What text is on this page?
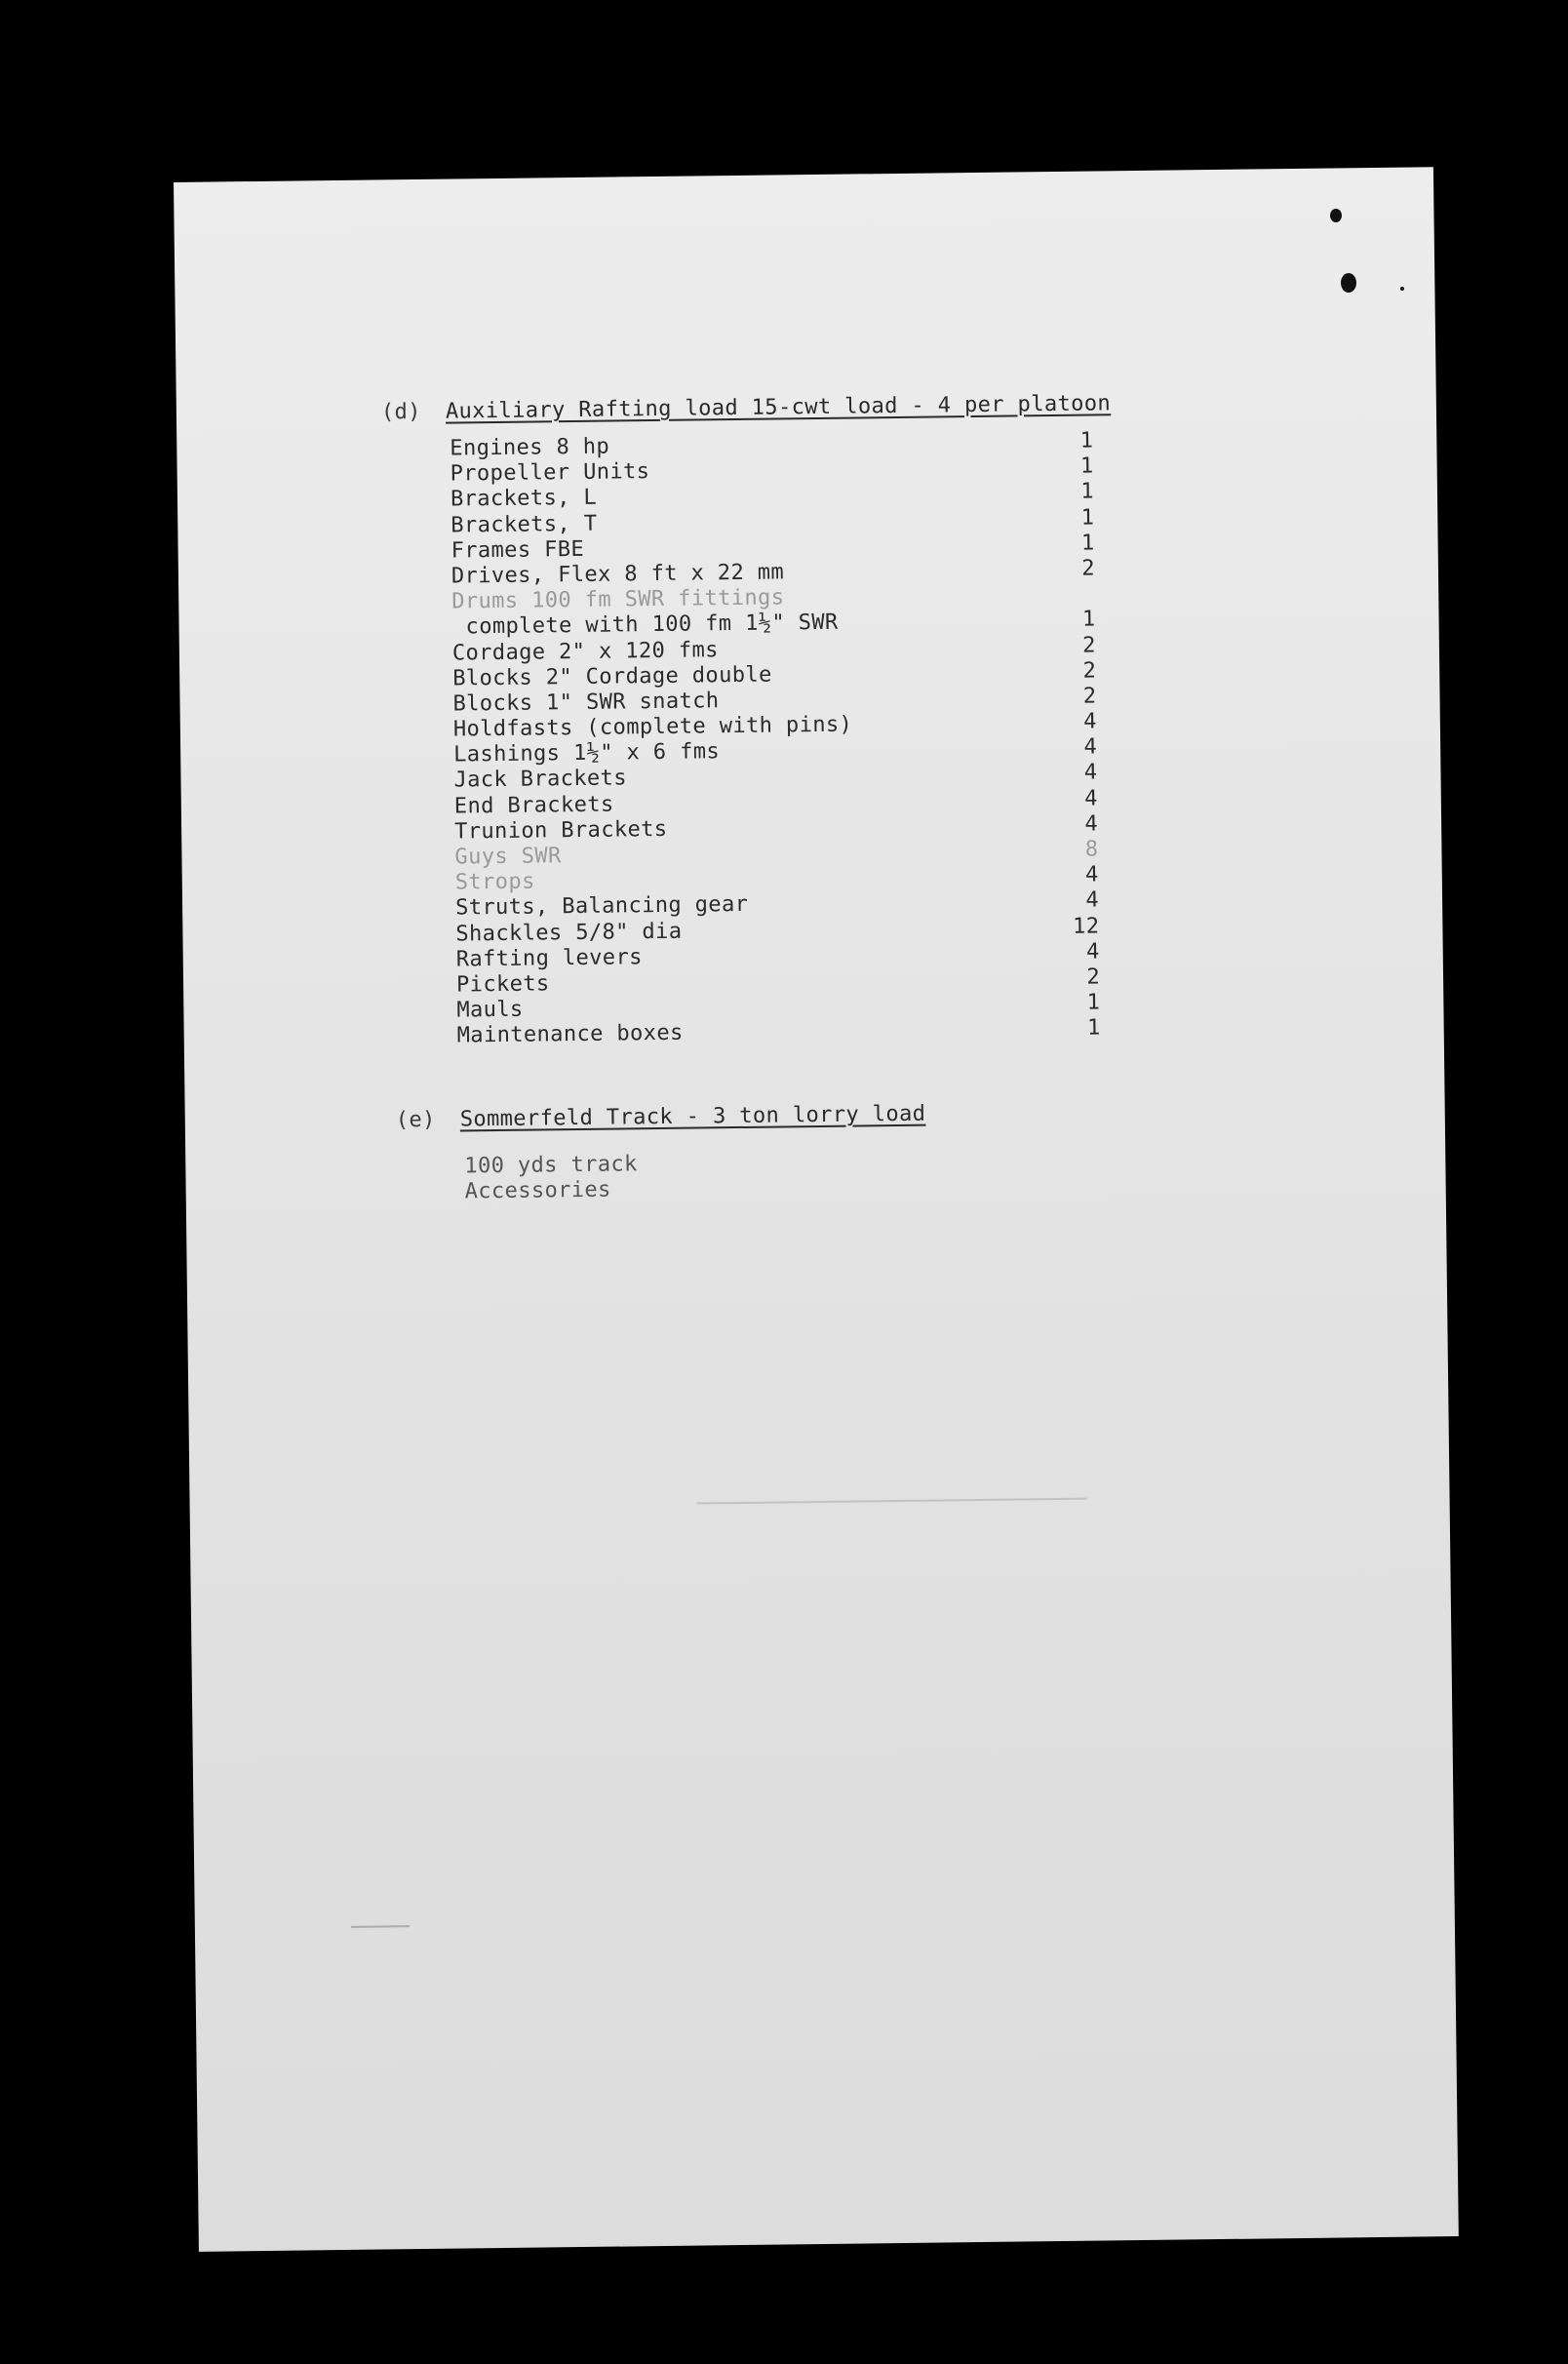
(d) Auxiliary Rafting load 15-cwt load - 4 per platoon
Engines 8 hp	1
Propeller Units	1
Brackets, L	1
Brackets, T	1
Frames FBE	1
Drives, Flex 8 ft x 22 mm	2
Drums 100 fm SWR fittings
complete with 100 fm 1½" SWR	1
Cordage 2" x 120 fms	2
Blocks 2" Cordage double	2
Blocks 1" SWR snatch	2
Holdfasts (complete with pins)	4
Lashings 1½" x 6 fms	4
Jack Brackets	4
End Brackets	4
Trunion Brackets	4
Guys SWR	8
Strops	4
Struts, Balancing gear	4
Shackles 5/8" dia	12
Rafting levers	4
Pickets	2
Mauls	1
Maintenance boxes	1
(e) Sommerfeld Track - 3 ton lorry load
100 yds track
Accessories
